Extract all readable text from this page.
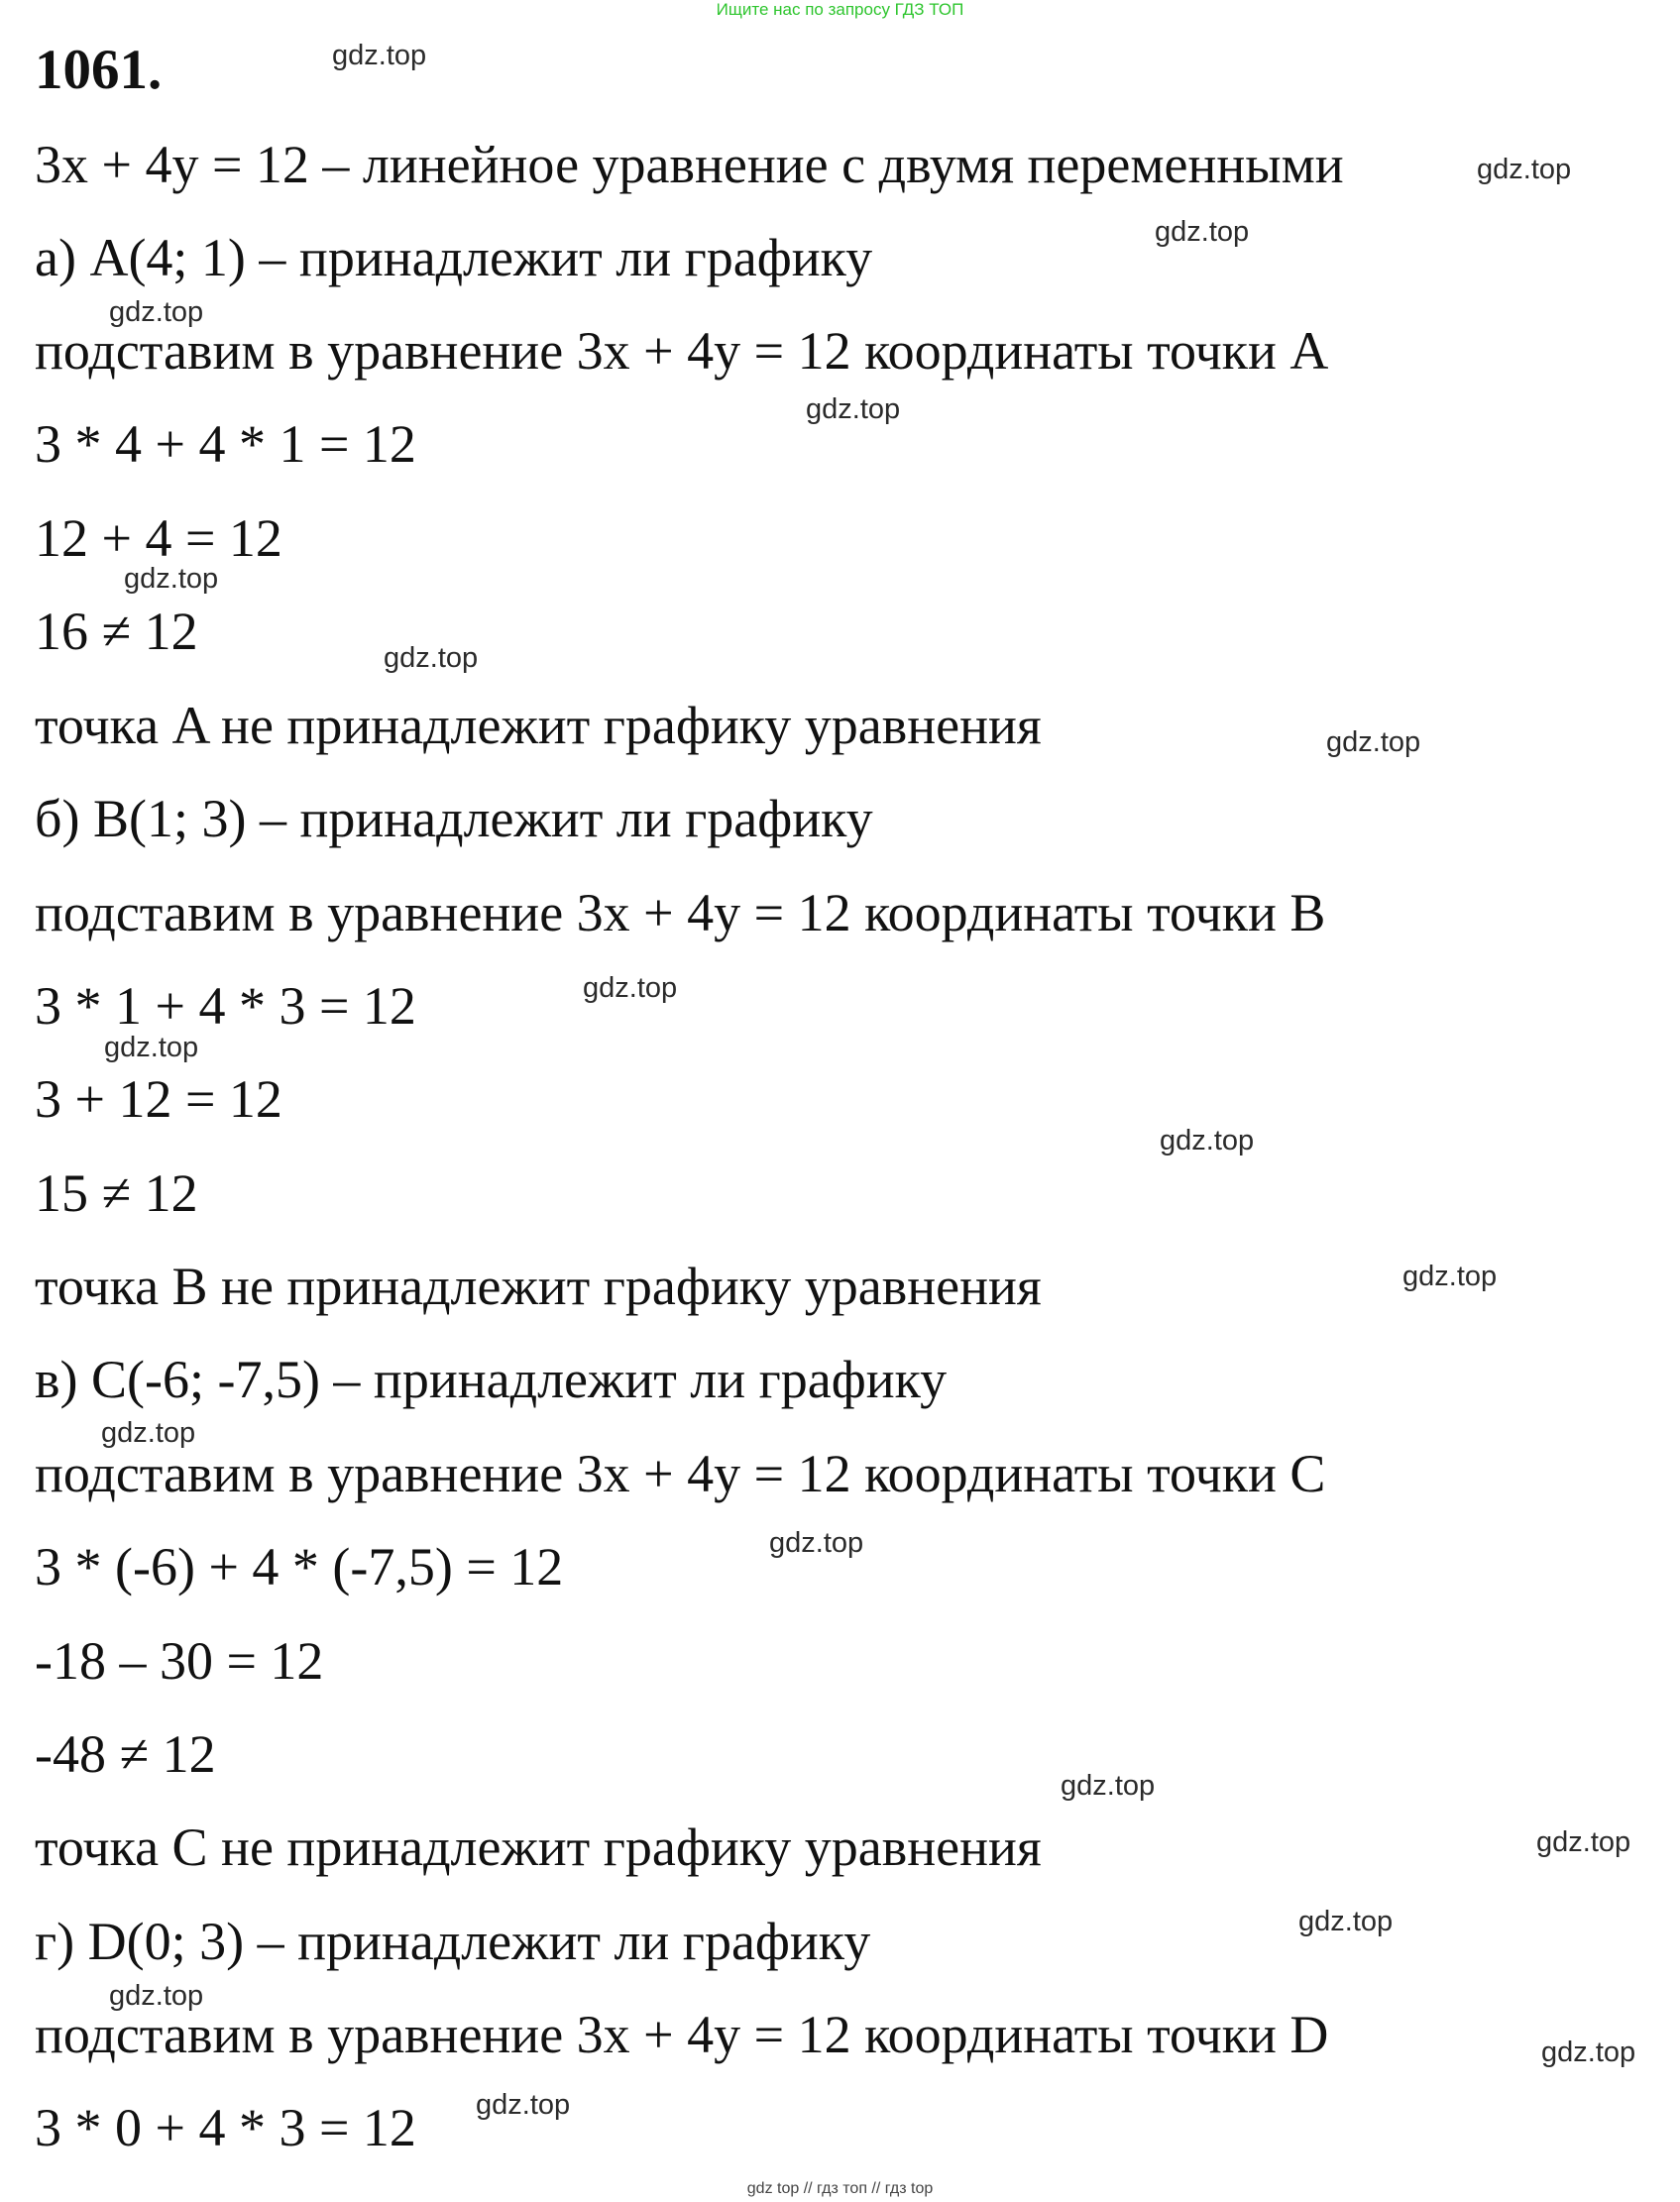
Ищите нас по запросу ГДЗ ТОП
1061.
3x + 4y = 12 – линейное уравнение с двумя переменными
а) A(4; 1) – принадлежит ли графику
подставим в уравнение 3x + 4y = 12 координаты точки A
3 * 4 + 4 * 1 = 12
12 + 4 = 12
16 ≠ 12
точка A не принадлежит графику уравнения
б) B(1; 3) – принадлежит ли графику
подставим в уравнение 3x + 4y = 12 координаты точки B
3 * 1 + 4 * 3 = 12
3 + 12 = 12
15 ≠ 12
точка B не принадлежит графику уравнения
в) C(-6; -7,5) – принадлежит ли графику
подставим в уравнение 3x + 4y = 12 координаты точки C
3 * (-6) + 4 * (-7,5) = 12
-18 – 30 = 12
-48 ≠ 12
точка C не принадлежит графику уравнения
г) D(0; 3) – принадлежит ли графику
подставим в уравнение 3x + 4y = 12 координаты точки D
3 * 0 + 4 * 3 = 12
gdz.top
gdz.top
gdz.top
gdz.top
gdz.top
gdz.top
gdz.top
gdz.top
gdz.top
gdz.top
gdz.top
gdz.top
gdz.top
gdz.top
gdz.top
gdz.top
gdz.top
gdz.top
gdz.top
gdz.top
gdz top // гдз топ // гдз top
